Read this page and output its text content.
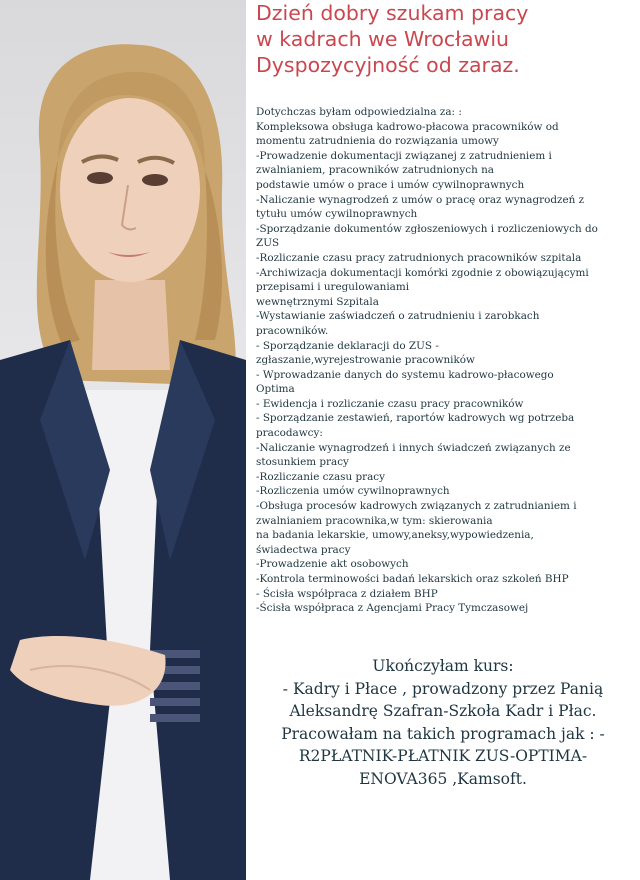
Dzień dobry szukam pracy
w kadrach we Wrocławiu
Dyspozycyjność od zaraz.
Dotychczas byłam odpowiedzialna za: :
Kompleksowa obsługa kadrowo-płacowa pracowników od
momentu zatrudnienia do rozwiązania umowy
-Prowadzenie dokumentacji związanej z zatrudnieniem i
zwalnianiem, pracowników zatrudnionych na
podstawie umów o prace i umów cywilnoprawnych
-Naliczanie wynagrodzeń z umów o pracę oraz wynagrodzeń z
tytułu umów cywilnoprawnych
-Sporządzanie dokumentów zgłoszeniowych i rozliczeniowych do
ZUS
-Rozliczanie czasu pracy zatrudnionych pracowników szpitala
-Archiwizacja dokumentacji komórki zgodnie z obowiązującymi
przepisami i uregulowaniami
wewnętrznymi Szpitala
-Wystawianie zaświadczeń o zatrudnieniu i zarobkach
pracowników.
- Sporządzanie deklaracji do ZUS -
zgłaszanie,wyrejestrowanie pracowników
- Wprowadzanie danych do systemu kadrowo-płacowego
Optima
- Ewidencja i rozliczanie czasu pracy pracowników
- Sporządzanie zestawień, raportów kadrowych wg potrzeba
pracodawcy:
-Naliczanie wynagrodzeń i innych świadczeń związanych ze
stosunkiem pracy
-Rozliczanie czasu pracy
-Rozliczenia umów cywilnoprawnych
-Obsługa procesów kadrowych związanych z zatrudnianiem i
zwalnianiem pracownika,w tym: skierowania
na badania lekarskie, umowy,aneksy,wypowiedzenia,
świadectwa pracy
-Prowadzenie akt osobowych
-Kontrola terminowości badań lekarskich oraz szkoleń BHP
- Ścisła współpraca z działem BHP
-Ścisła współpraca z Agencjami Pracy Tymczasowej
Ukończyłam kurs:
- Kadry i Płace , prowadzony przez Panią
Aleksandrę Szafran-Szkoła Kadr i Płac.
Pracowałam na takich programach jak : -
R2PŁATNIK-PŁATNIK ZUS-OPTIMA-
ENOVA365 ,Kamsoft.
